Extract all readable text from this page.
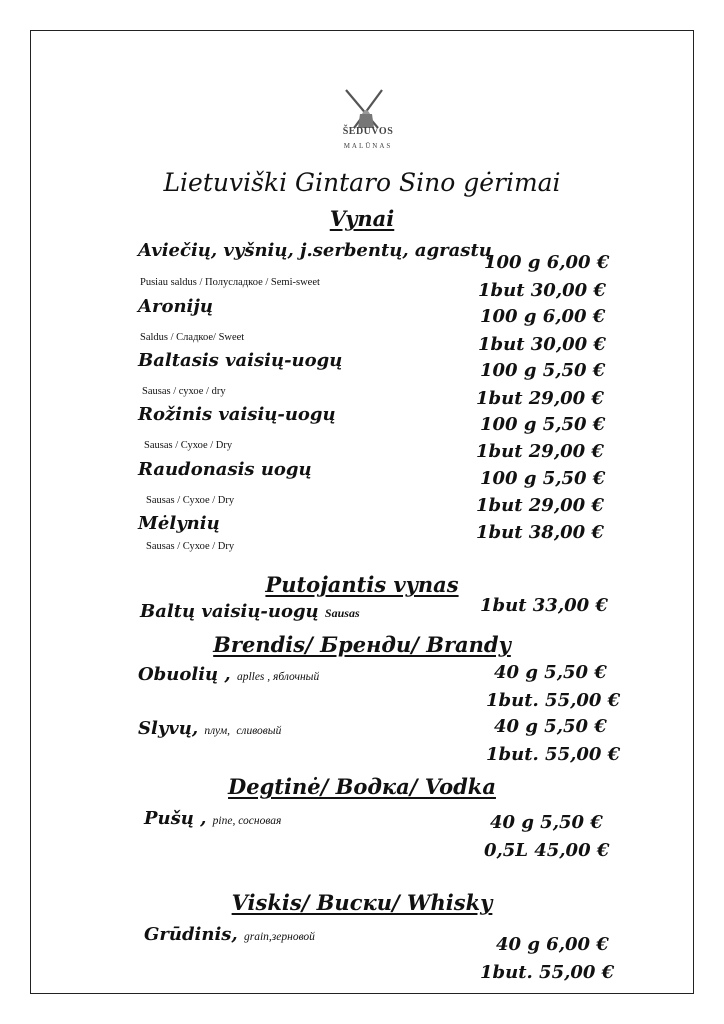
ŠEDUVOS
MALŪNAS
Lietuviški Gintaro Sino gėrimai
Vynai
Aviečių, vyšnių, j.serbentų, agrastų
Pusiau saldus / Полусладкое / Semi-sweet
100 g 6,00 €
1but 30,00 €
Aronijų
Saldus / Сладкое/ Sweet
100 g 6,00 €
1but 30,00 €
Baltasis vaisių-uogų
Sausas / сухое / dry
100 g 5,50 €
1but 29,00 €
Rožinis vaisių-uogų
Sausas / Сухое / Dry
100 g 5,50 €
1but 29,00 €
Raudonasis uogų
Sausas / Сухое / Dry
100 g 5,50 €
1but 29,00 €
Mėlynių
Sausas / Сухое / Dry
1but 38,00 €
Putojantis vynas
Baltų vaisių-uogų Sausas	1but 33,00 €
Brendis/ Бренди/ Brandy
Obuolių , aplles , яблочный	40 g 5,50 €
1but. 55,00 €
Slyvų, плум, сливовый	40 g 5,50 €
1but. 55,00 €
Degtinė/ Водка/ Vodka
Pušų , pine, сосновая	40 g 5,50 €
0,5L 45,00 €
Viskis/ Виски/ Whisky
Grūdinis, grain,зерновой	40 g 6,00 €
1but. 55,00 €
